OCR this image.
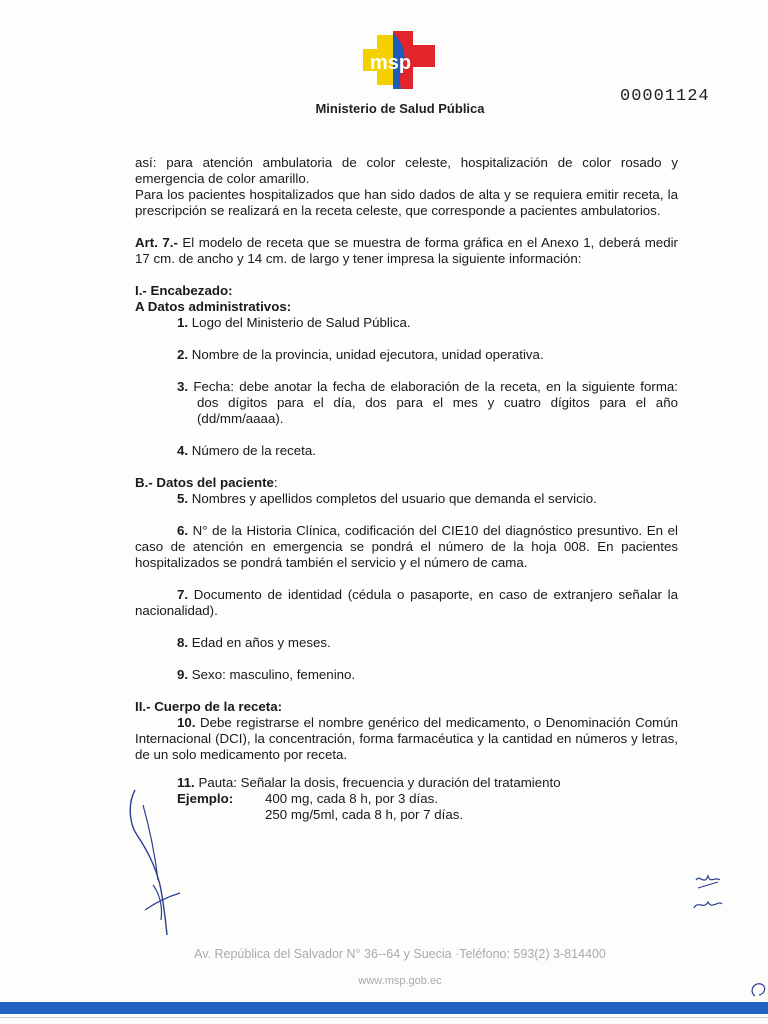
msp
Ministerio de Salud Pública
00001124

así: para atención ambulatoria de color celeste, hospitalización de color rosado y emergencia de color amarillo.

Para los pacientes hospitalizados que han sido dados de alta y se requiera emitir receta, la prescripción se realizará en la receta celeste, que corresponde a pacientes ambulatorios.

Art. 7.- El modelo de receta que se muestra de forma gráfica en el Anexo 1, deberá medir 17 cm. de ancho y 14 cm. de largo y tener impresa la siguiente información:

I.- Encabezado:

A Datos administrativos:

1. Logo del Ministerio de Salud Pública.

2. Nombre de la provincia, unidad ejecutora, unidad operativa.

3. Fecha: debe anotar la fecha de elaboración de la receta, en la siguiente forma: dos dígitos para el día, dos para el mes y cuatro dígitos para el año (dd/mm/aaaa).

4. Número de la receta.

B.- Datos del paciente:

5. Nombres y apellidos completos del usuario que demanda el servicio.

6. N° de la Historia Clínica, codificación del CIE10 del diagnóstico presuntivo. En el caso de atención en emergencia se pondrá el número de la hoja 008. En pacientes hospitalizados se pondrá también el servicio y el número de cama.

7. Documento de identidad (cédula o pasaporte, en caso de extranjero señalar la nacionalidad).

8. Edad en años y meses.

9. Sexo: masculino, femenino.

II.- Cuerpo de la receta:

10. Debe registrarse el nombre genérico del medicamento, o Denominación Común Internacional (DCI), la concentración, forma farmacéutica y la cantidad en números y letras, de un solo medicamento por receta.

11. Pauta: Señalar la dosis, frecuencia y duración del tratamiento

Ejemplo:	400 mg, cada 8 h, por 3 días.
250 mg/5ml, cada 8 h, por 7 días.
Av. República del Salvador N° 36--64 y Suecia ·Teléfono: 593(2) 3-814400
www.msp.gob.ec
